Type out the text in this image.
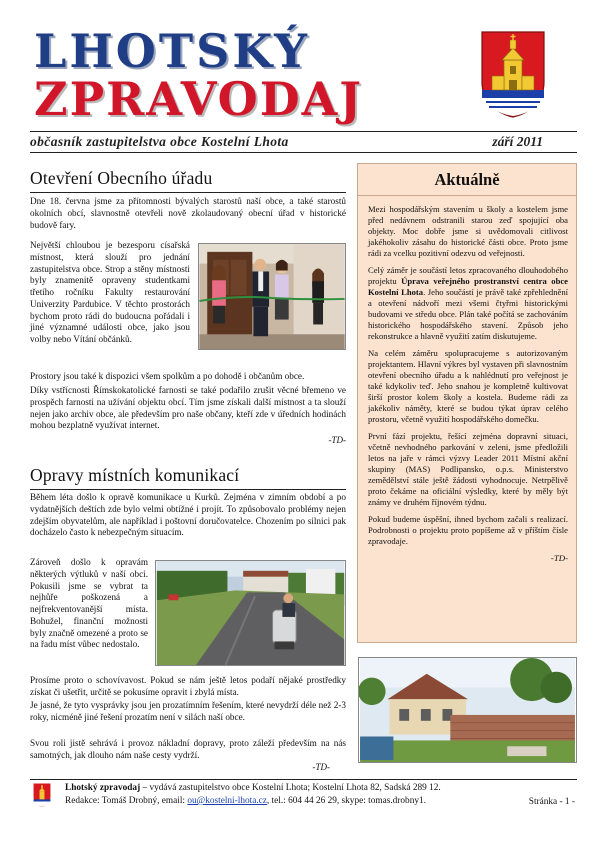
LHOTSKÝ
ZPRAVODAJ
občasník zastupitelstva obce Kostelní Lhota	září 2011
Otevření Obecního úřadu

Dne 18. června jsme za přítomnosti bývalých starostů naší obce, a také starostů okolních obcí, slavnostně otevřeli nově zkolaudovaný obecní úřad v historické budově fary.

Největší chloubou je bezesporu císařská místnost, která slouží pro jednání zastupitelstva obce. Strop a stěny místnosti byly znamenitě opraveny studentkami třetího ročníku Fakulty restaurování Univerzity Pardubice. V těchto prostorách bychom proto rádi do budoucna pořádali i jiné významné události obce, jako jsou volby nebo Vítání občánků.

Prostory jsou také k dispozici všem spolkům a po dohodě i občanům obce.

Díky vstřícnosti Římskokatolické farnosti se také podařilo zrušit věcné břemeno ve prospěch farnosti na užívání objektu obcí. Tím jsme získali další místnost a ta slouží nejen jako archiv obce, ale především pro naše občany, kteří zde v úředních hodinách mohou bezplatně využívat internet.

-TD-
Opravy místních komunikací

Během léta došlo k opravě komunikace u Kurků. Zejména v zimním období a po vydatnějších deštích zde bylo velmi obtížné i projít. To způsobovalo problémy nejen zdejším obyvatelům, ale například i poštovní doručovatelce. Chozením po silnici pak docházelo často k nebezpečným situacím.

Zároveň došlo k opravám některých výtluků v naší obci. Pokusili jsme se vybrat ta nejhůře poškozená a nejfrekventovanější místa. Bohužel, finanční možnosti byly značně omezené a proto se na řadu míst vůbec nedostalo.

Prosíme proto o schovívavost. Pokud se nám ještě letos podaří nějaké prostředky získat či ušetřit, určitě se pokusíme opravit i zbylá místa.

Je jasné, že tyto vysprávky jsou jen prozatímním řešením, které nevydrží déle než 2-3 roky, nicméně jiné řešení prozatím není v silách naší obce.

Svou roli jistě sehrává i provoz nákladní dopravy, proto záleží především na nás samotných, jak dlouho nám naše cesty vydrží.

-TD-
Aktuálně

Mezi hospodářským stavením u školy a kostelem jsme před nedávnem odstranili starou zeď spojující oba objekty. Moc dobře jsme si uvědomovali citlivost jakéhokoliv zásahu do historické části obce. Proto jsme rádi za vcelku pozitivní odezvu od veřejnosti.

Celý záměr je součástí letos zpracovaného dlouhodobého projektu Úprava veřejného prostranství centra obce Kostelní Lhota. Jeho součástí je právě také zpřehlednění a otevření nádvoří mezi všemi čtyřmi historickými budovami ve středu obce. Plán také počítá se zachováním historického hospodářského stavení. Způsob jeho rekonstrukce a hlavně využití zatím diskutujeme.

Na celém záměru spolupracujeme s autorizovaným projektantem. Hlavní výkres byl vystaven při slavnostním otevření obecního úřadu a k nahlédnutí pro veřejnost je také kdykoliv teď. Jeho snahou je kompletně kultivovat širší prostor kolem školy a kostela. Budeme rádi za jakékoliv náměty, které se budou týkat úprav celého prostoru, včetně využití hospodářského domečku.

První fází projektu, řešící zejména dopravní situaci, včetně nevhodného parkování v zeleni, jsme předložili letos na jaře v rámci výzvy Leader 2011 Místní akční skupiny (MAS) Podlipansko, o.p.s. Ministerstvo zemědělství stále ještě žádosti vyhodnocuje. Netrpělivě proto čekáme na oficiální výsledky, které by měly být známy ve druhém říjnovém týdnu.

Pokud budeme úspěšní, ihned bychom začali s realizací. Podrobnosti o projektu proto popíšeme až v příštím čísle zpravodaje.

-TD-
Lhotský zpravodaj – vydává zastupitelstvo obce Kostelní Lhota; Kostelní Lhota 82, Sadská 289 12.
Redakce: Tomáš Drobný, email: ou@kostelni-lhota.cz, tel.: 604 44 26 29, skype: tomas.drobny1.	Stránka - 1 -
